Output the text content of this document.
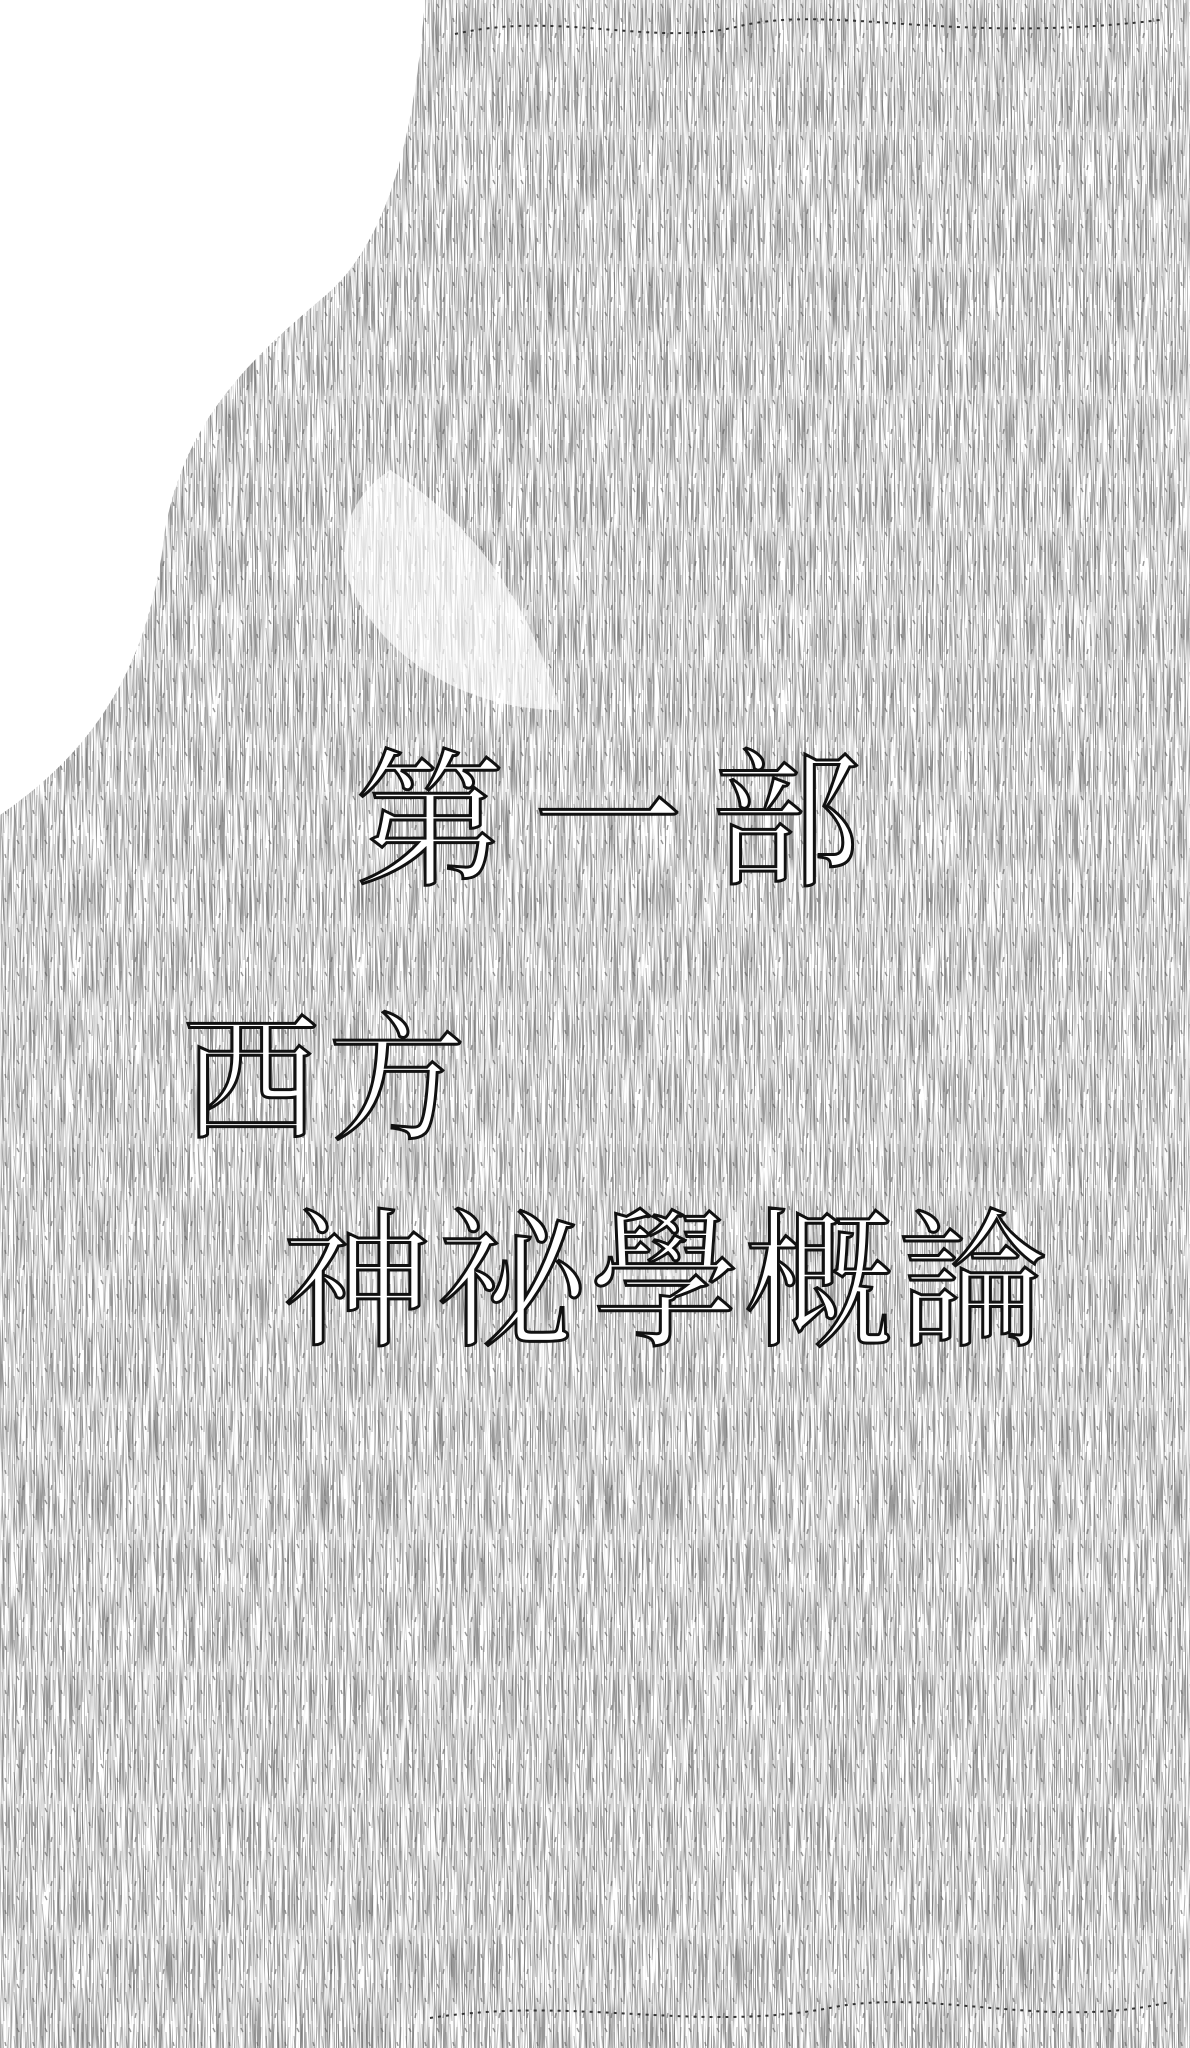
第一部
西方
神祕學概論
